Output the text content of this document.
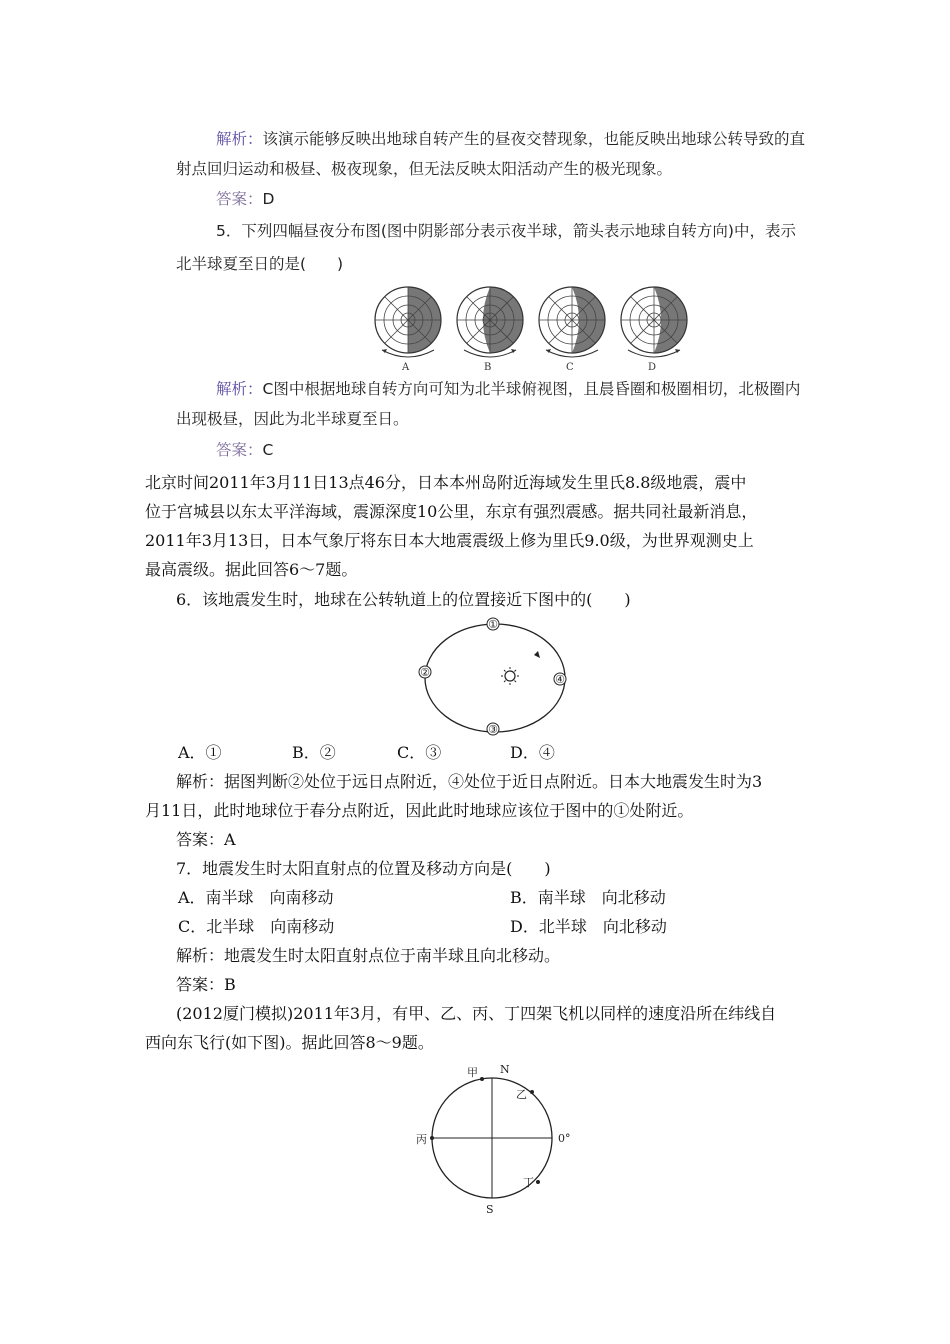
解析：该演示能够反映出地球自转产生的昼夜交替现象，也能反映出地球公转导致的直
射点回归运动和极昼、极夜现象，但无法反映太阳活动产生的极光现象。
答案：D
5．下列四幅昼夜分布图(图中阴影部分表示夜半球，箭头表示地球自转方向)中，表示
北半球夏至日的是(　　)
A	B	C	D
解析：C图中根据地球自转方向可知为北半球俯视图，且晨昏圈和极圈相切，北极圈内
出现极昼，因此为北半球夏至日。
答案：C
北京时间2011年3月11日13点46分，日本本州岛附近海域发生里氏8.8级地震，震中
位于宫城县以东太平洋海域，震源深度10公里，东京有强烈震感。据共同社最新消息，
2011年3月13日，日本气象厅将东日本大地震震级上修为里氏9.0级，为世界观测史上
最高震级。据此回答6～7题。
6．该地震发生时，地球在公转轨道上的位置接近下图中的(　　)
①
②
③
④
A．①	B．②	C．③	D．④
解析：据图判断②处位于远日点附近，④处位于近日点附近。日本大地震发生时为3
月11日，此时地球位于春分点附近，因此此时地球应该位于图中的①处附近。
答案：A
7．地震发生时太阳直射点的位置及移动方向是(　　)
A．南半球　向南移动	B．南半球　向北移动
C．北半球　向南移动	D．北半球　向北移动
解析：地震发生时太阳直射点位于南半球且向北移动。
答案：B
(2012厦门模拟)2011年3月，有甲、乙、丙、丁四架飞机以同样的速度沿所在纬线自
西向东飞行(如下图)。据此回答8～9题。
N
S
0°
甲
乙
丙
丁
